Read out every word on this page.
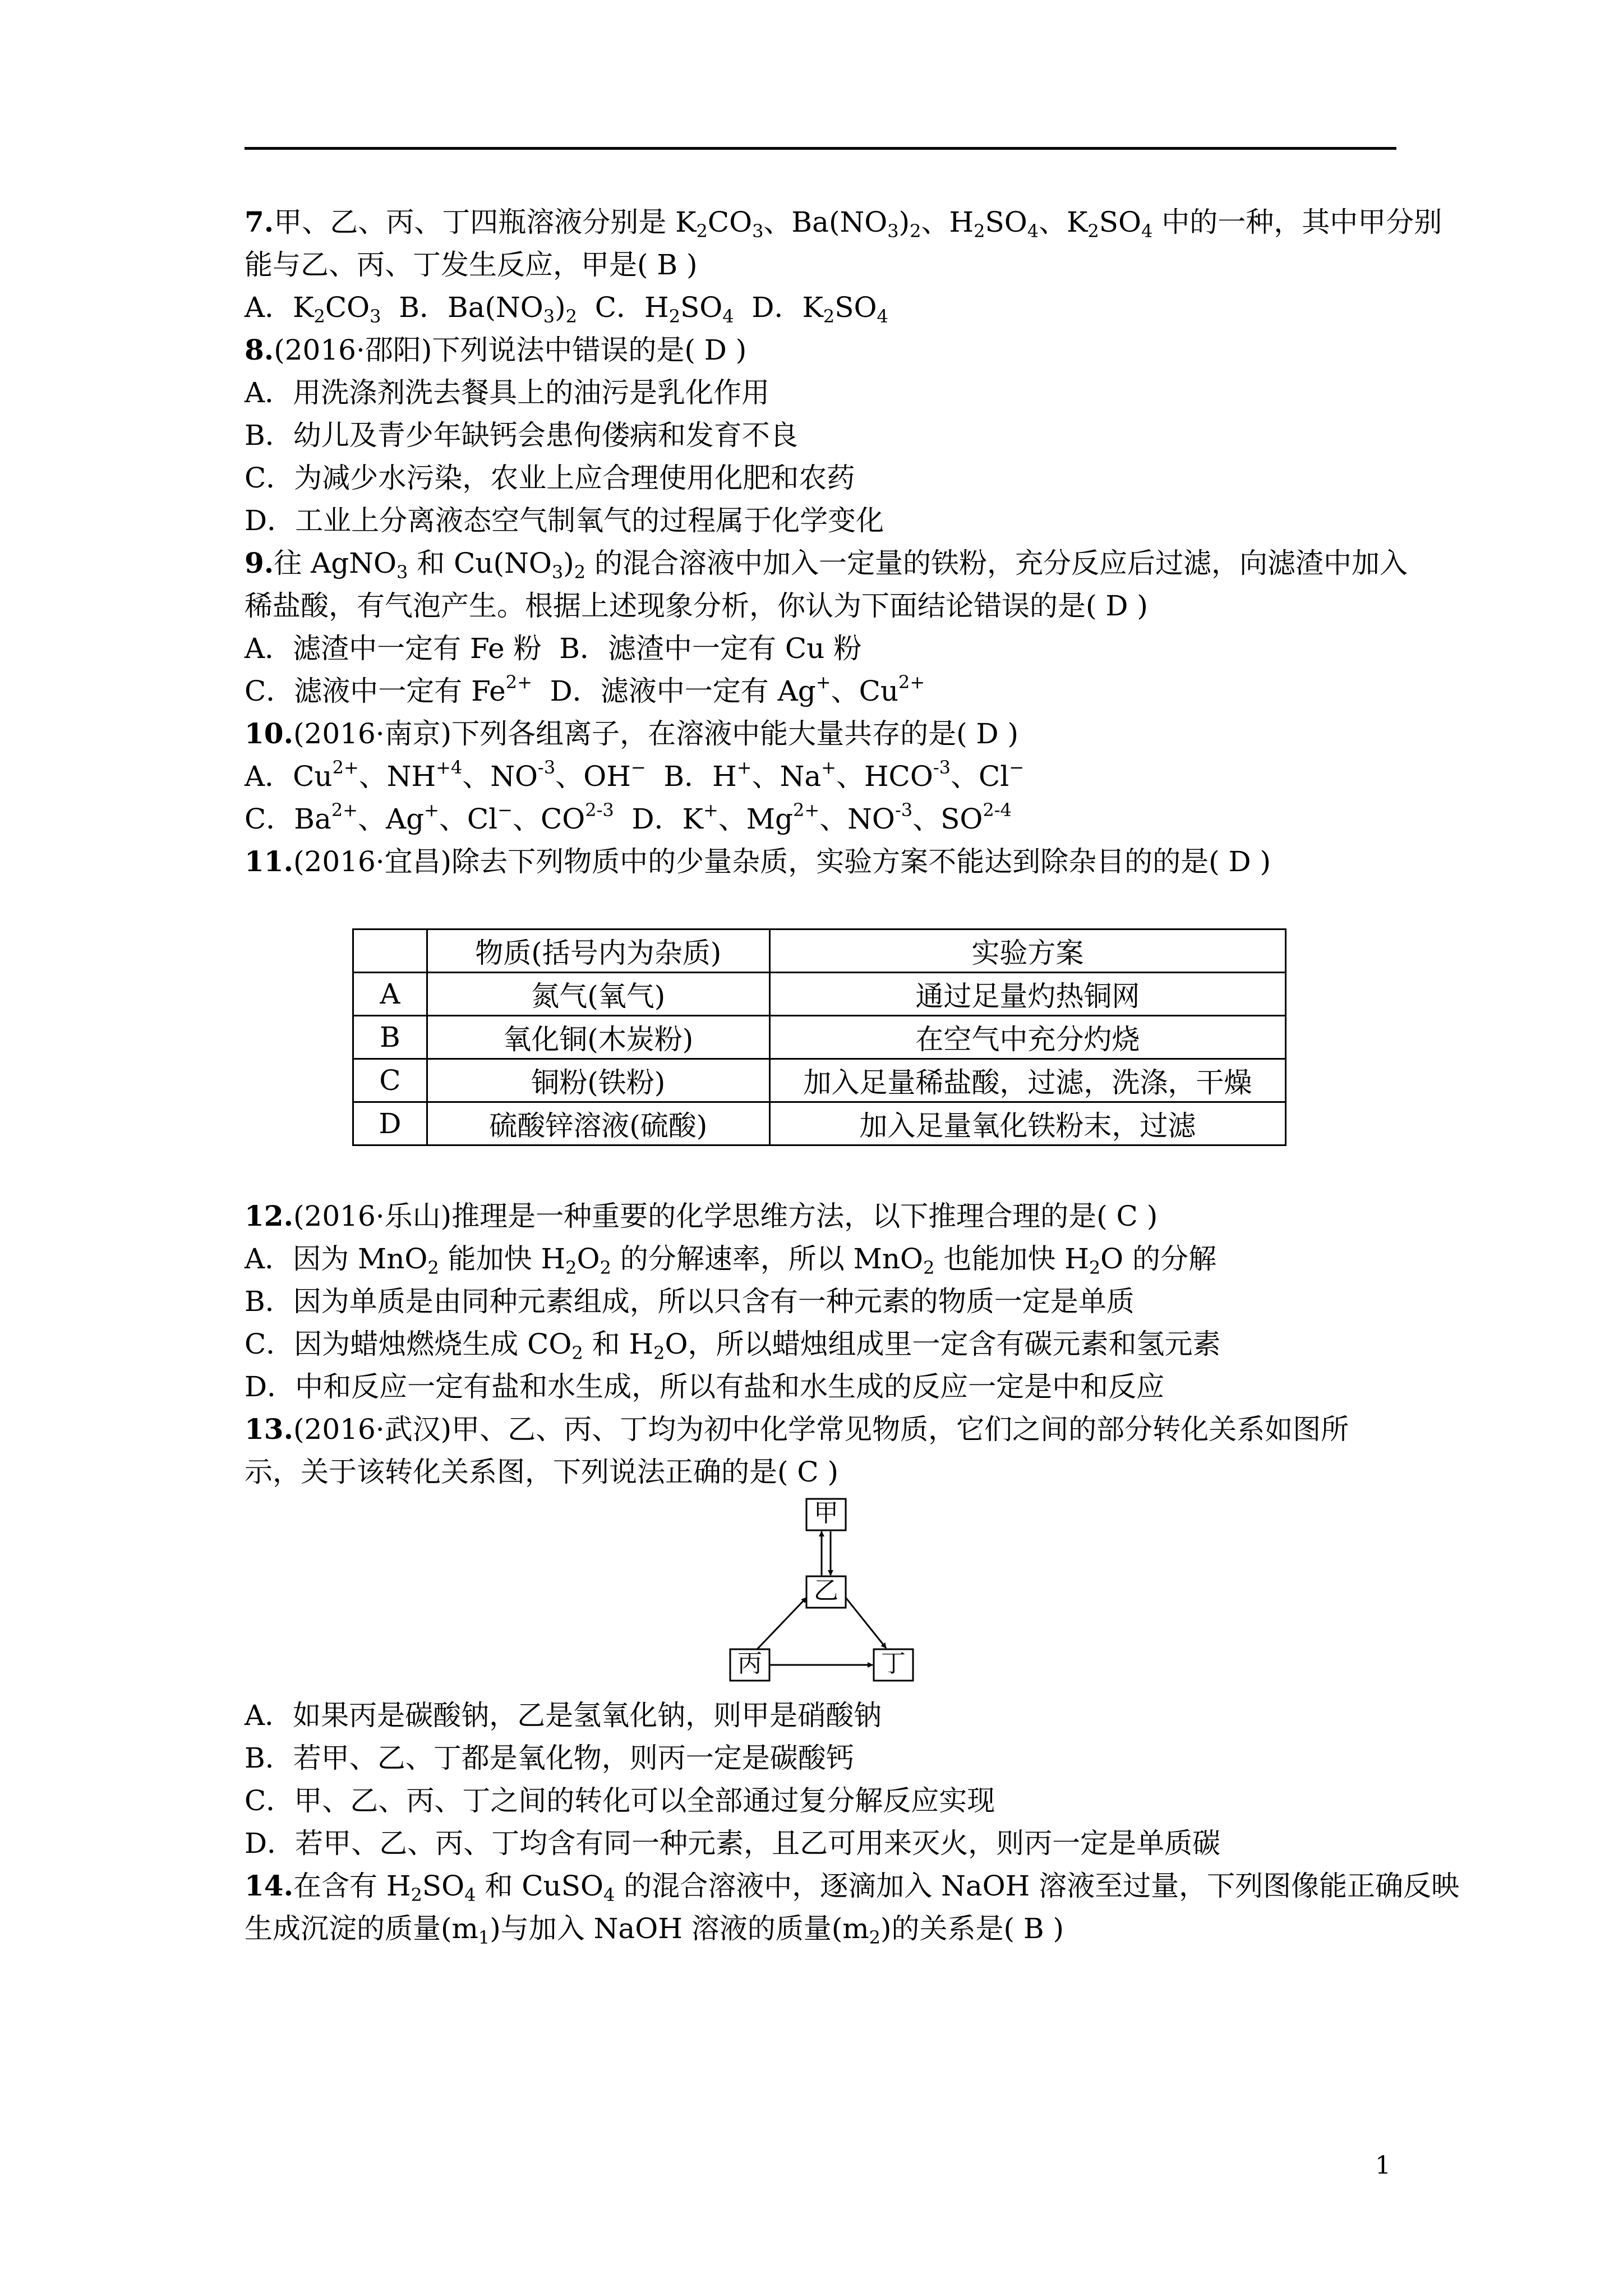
7.甲、乙、丙、丁四瓶溶液分别是 $K_2CO_3$、$Ba(NO_3)_2$、$H_2SO_4$、$K_2SO_4$ 中的一种，其中甲分别
能与乙、丙、丁发生反应，甲是( B )
A．$K_2CO_3$  B．$Ba(NO_3)_2$  C．$H_2SO_4$  D．$K_2SO_4$
8.(2016·邵阳)下列说法中错误的是( D )
A．用洗涤剂洗去餐具上的油污是乳化作用
B．幼儿及青少年缺钙会患佝偻病和发育不良
C．为减少水污染，农业上应合理使用化肥和农药
D．工业上分离液态空气制氧气的过程属于化学变化
9.往 AgNO$_3$ 和 $Cu(NO_3)_2$ 的混合溶液中加入一定量的铁粉，充分反应后过滤，向滤渣中加入
稀盐酸，有气泡产生。根据上述现象分析，你认为下面结论错误的是( D )
A．滤渣中一定有 Fe 粉  B．滤渣中一定有 Cu 粉
C．滤液中一定有 $Fe^{2+}$  D．滤液中一定有 Ag+、$Cu^{2+}$
10.(2016·南京)下列各组离子，在溶液中能大量共存的是( D )
A．$Cu^{2+}$、$NH^{+4}$、$NO^{-3}$、OH−  B．H+、Na+、$HCO^{-3}$、Cl−
C．$Ba^{2+}$、Ag+、Cl−、CO$^{2-3}$  D．K+、$Mg^{2+}$、$NO^{-3}$、SO$^{2-4}$
11.(2016·宜昌)除去下列物质中的少量杂质，实验方案不能达到除杂目的的是( D )
	物质(括号内为杂质)	实验方案
A	氮气(氧气)	通过足量灼热铜网
B	氧化铜(木炭粉)	在空气中充分灼烧
C	铜粉(铁粉)	加入足量稀盐酸，过滤，洗涤，干燥
D	硫酸锌溶液(硫酸)	加入足量氧化铁粉末，过滤
12.(2016·乐山)推理是一种重要的化学思维方法，以下推理合理的是( C )
A．因为 MnO$_2$ 能加快 $H_2O_2$ 的分解速率，所以 MnO$_2$ 也能加快 $H_2O$ 的分解
B．因为单质是由同种元素组成，所以只含有一种元素的物质一定是单质
C．因为蜡烛燃烧生成 $CO_2$ 和 $H_2O$，所以蜡烛组成里一定含有碳元素和氢元素
D．中和反应一定有盐和水生成，所以有盐和水生成的反应一定是中和反应
13.(2016·武汉)甲、乙、丙、丁均为初中化学常见物质，它们之间的部分转化关系如图所
示，关于该转化关系图，下列说法正确的是( C )
甲
乙
丙	丁
A．如果丙是碳酸钠，乙是氢氧化钠，则甲是硝酸钠
B．若甲、乙、丁都是氧化物，则丙一定是碳酸钙
C．甲、乙、丙、丁之间的转化可以全部通过复分解反应实现
D．若甲、乙、丙、丁均含有同一种元素，且乙可用来灭火，则丙一定是单质碳
14.在含有 $H_2SO_4$ 和 CuSO$_4$ 的混合溶液中，逐滴加入 NaOH 溶液至过量，下列图像能正确反映
生成沉淀的质量$(m_1)$与加入 NaOH 溶液的质量$(m_2)$的关系是( B )
1
